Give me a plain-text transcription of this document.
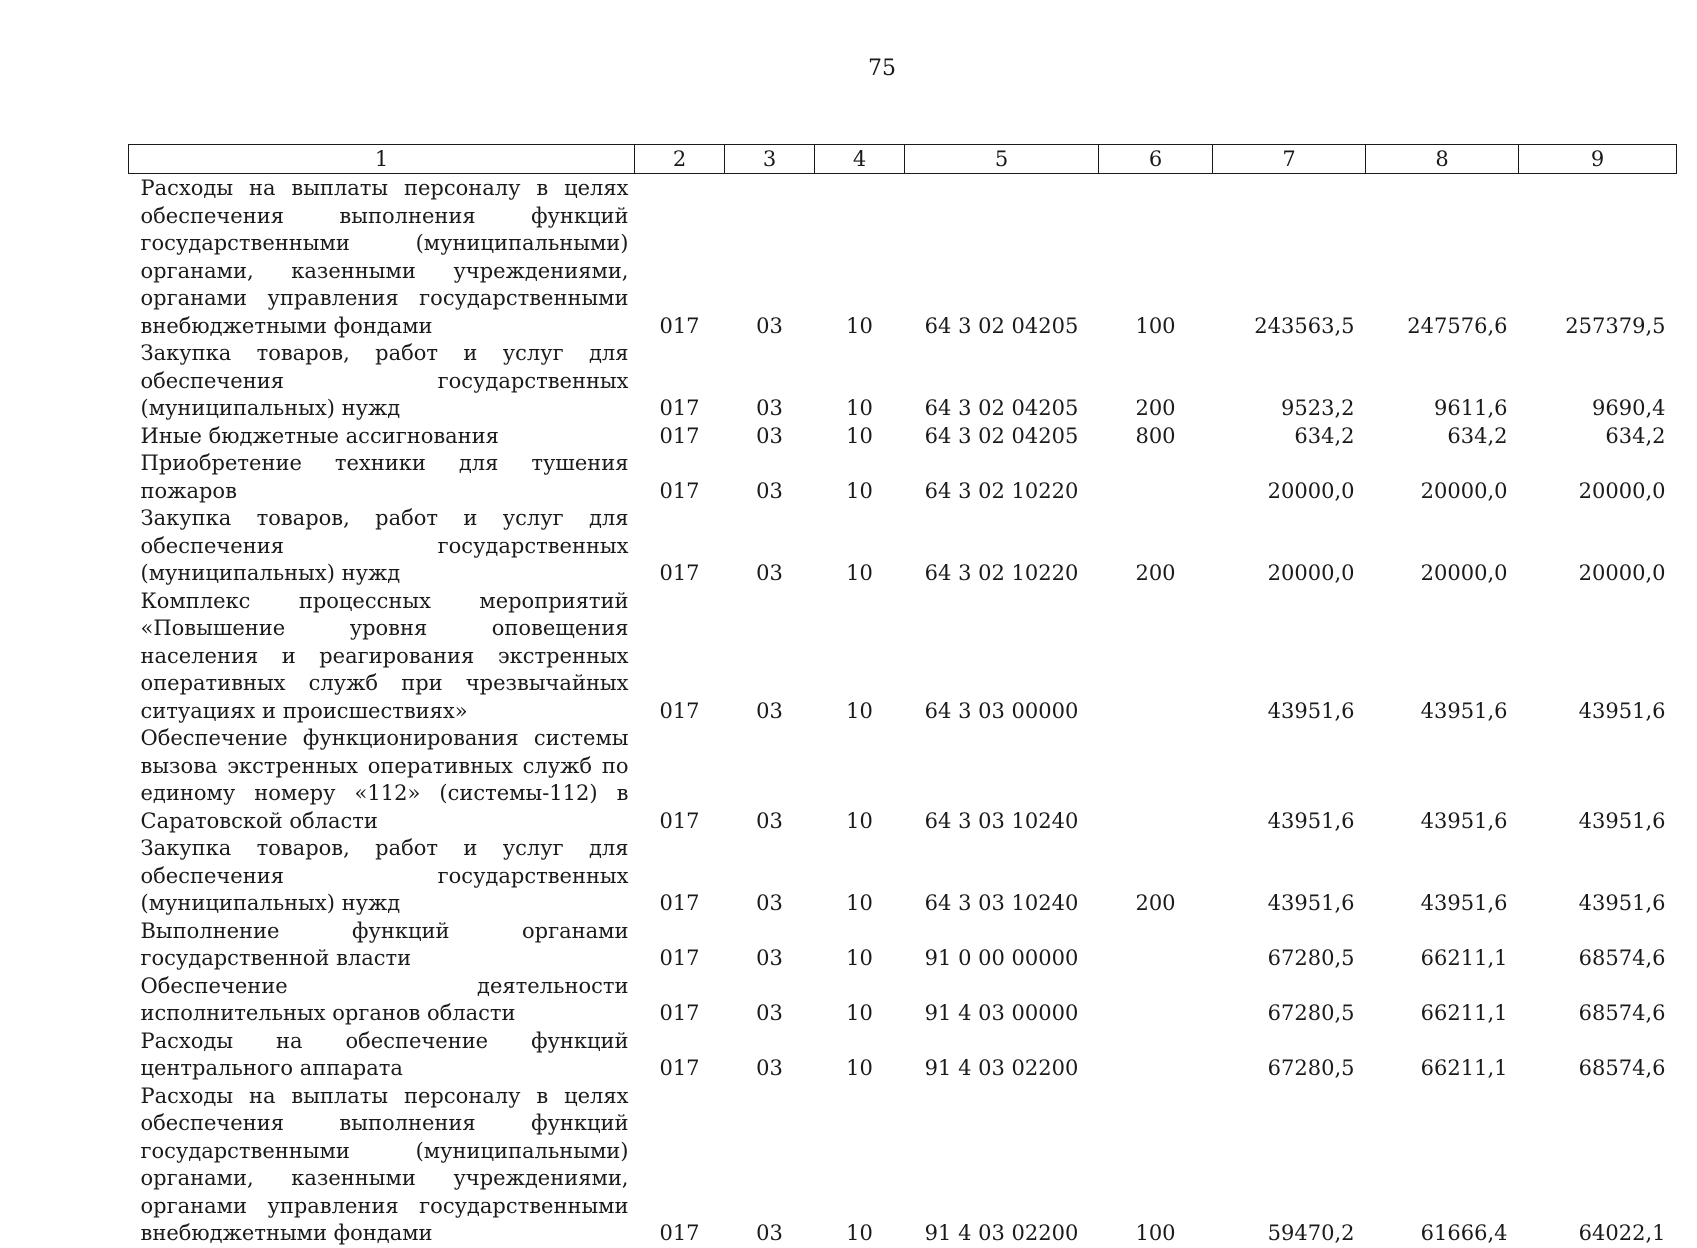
75
1	2	3	4	5	6	7	8	9
Расходы на выплаты персоналу в целях обеспечения выполнения функций государственными (муниципальными) органами, казенными учреждениями, органами управления государственными внебюджетными фондами	017	03	10	64 3 02 04205	100	243563,5	247576,6	257379,5
Закупка товаров, работ и услуг для обеспечения государственных (муниципальных) нужд	017	03	10	64 3 02 04205	200	9523,2	9611,6	9690,4
Иные бюджетные ассигнования	017	03	10	64 3 02 04205	800	634,2	634,2	634,2
Приобретение техники для тушения пожаров	017	03	10	64 3 02 10220		20000,0	20000,0	20000,0
Закупка товаров, работ и услуг для обеспечения государственных (муниципальных) нужд	017	03	10	64 3 02 10220	200	20000,0	20000,0	20000,0
Комплекс процессных мероприятий «Повышение уровня оповещения населения и реагирования экстренных оперативных служб при чрезвычайных ситуациях и происшествиях»	017	03	10	64 3 03 00000		43951,6	43951,6	43951,6
Обеспечение функционирования системы вызова экстренных оперативных служб по единому номеру «112» (системы-112) в Саратовской области	017	03	10	64 3 03 10240		43951,6	43951,6	43951,6
Закупка товаров, работ и услуг для обеспечения государственных (муниципальных) нужд	017	03	10	64 3 03 10240	200	43951,6	43951,6	43951,6
Выполнение функций органами государственной власти	017	03	10	91 0 00 00000		67280,5	66211,1	68574,6
Обеспечение деятельности исполнительных органов области	017	03	10	91 4 03 00000		67280,5	66211,1	68574,6
Расходы на обеспечение функций центрального аппарата	017	03	10	91 4 03 02200		67280,5	66211,1	68574,6
Расходы на выплаты персоналу в целях обеспечения выполнения функций государственными (муниципальными) органами, казенными учреждениями, органами управления государственными внебюджетными фондами	017	03	10	91 4 03 02200	100	59470,2	61666,4	64022,1
